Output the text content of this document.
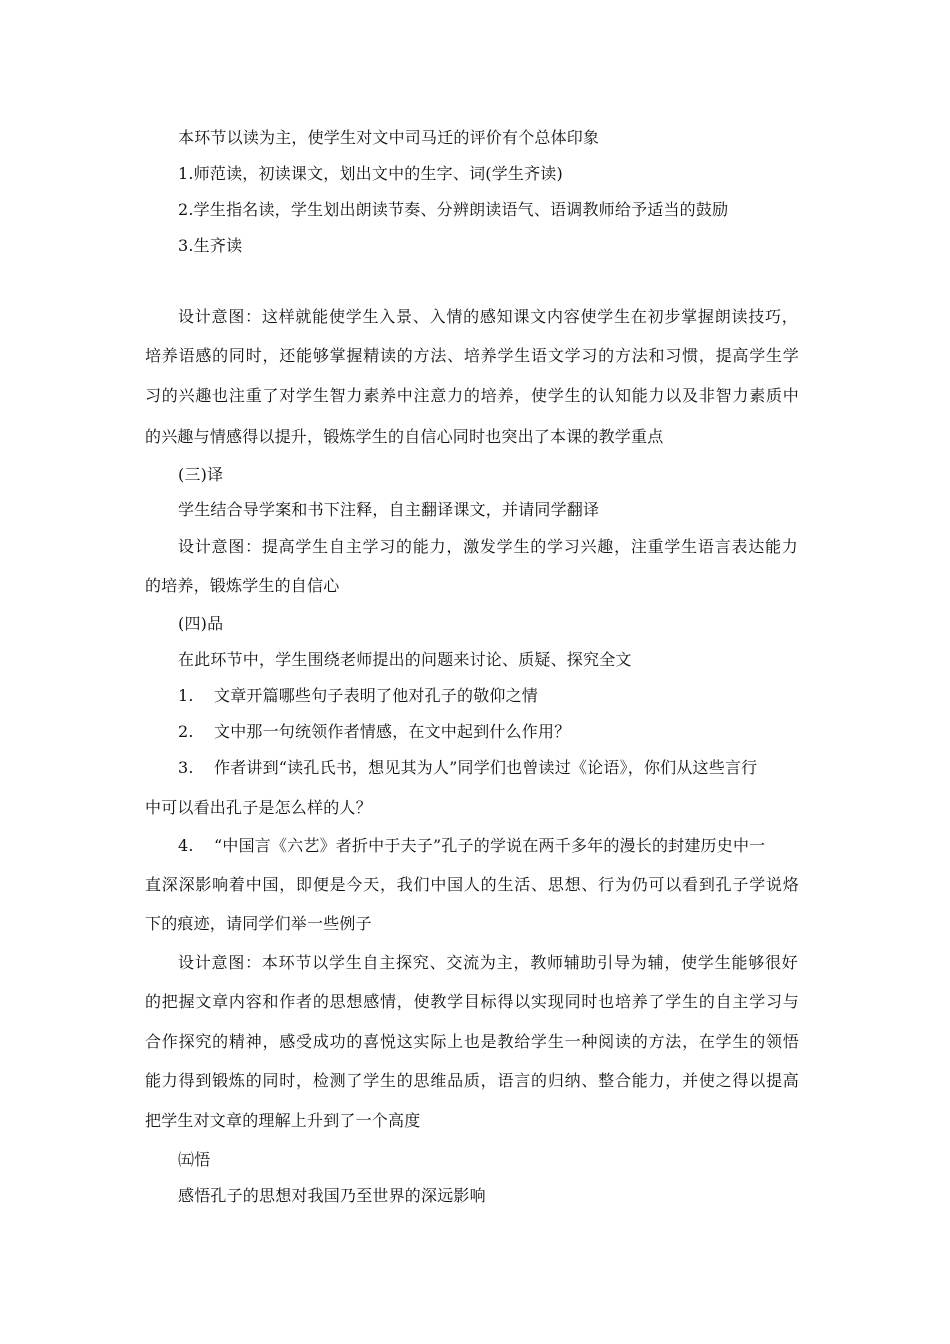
本环节以读为主，使学生对文中司马迁的评价有个总体印象
1.师范读，初读课文，划出文中的生字、词(学生齐读)
2.学生指名读，学生划出朗读节奏、分辨朗读语气、语调教师给予适当的鼓励
3.生齐读
设计意图：这样就能使学生入景、入情的感知课文内容使学生在初步掌握朗读技巧，
培养语感的同时，还能够掌握精读的方法、培养学生语文学习的方法和习惯，提高学生学
习的兴趣也注重了对学生智力素养中注意力的培养，使学生的认知能力以及非智力素质中
的兴趣与情感得以提升，锻炼学生的自信心同时也突出了本课的教学重点
(三)译
学生结合导学案和书下注释，自主翻译课文，并请同学翻译
设计意图：提高学生自主学习的能力，激发学生的学习兴趣，注重学生语言表达能力
的培养，锻炼学生的自信心
(四)品
在此环节中，学生围绕老师提出的问题来讨论、质疑、探究全文
1. 文章开篇哪些句子表明了他对孔子的敬仰之情
2. 文中那一句统领作者情感，在文中起到什么作用？
3. 作者讲到“读孔氏书，想见其为人”同学们也曾读过《论语》，你们从这些言行
中可以看出孔子是怎么样的人？
4. “中国言《六艺》者折中于夫子”孔子的学说在两千多年的漫长的封建历史中一
直深深影响着中国，即便是今天，我们中国人的生活、思想、行为仍可以看到孔子学说烙
下的痕迹，请同学们举一些例子
设计意图：本环节以学生自主探究、交流为主，教师辅助引导为辅，使学生能够很好
的把握文章内容和作者的思想感情，使教学目标得以实现同时也培养了学生的自主学习与
合作探究的精神，感受成功的喜悦这实际上也是教给学生一种阅读的方法，在学生的领悟
能力得到锻炼的同时，检测了学生的思维品质，语言的归纳、整合能力，并使之得以提高
把学生对文章的理解上升到了一个高度
㈤悟
感悟孔子的思想对我国乃至世界的深远影响
